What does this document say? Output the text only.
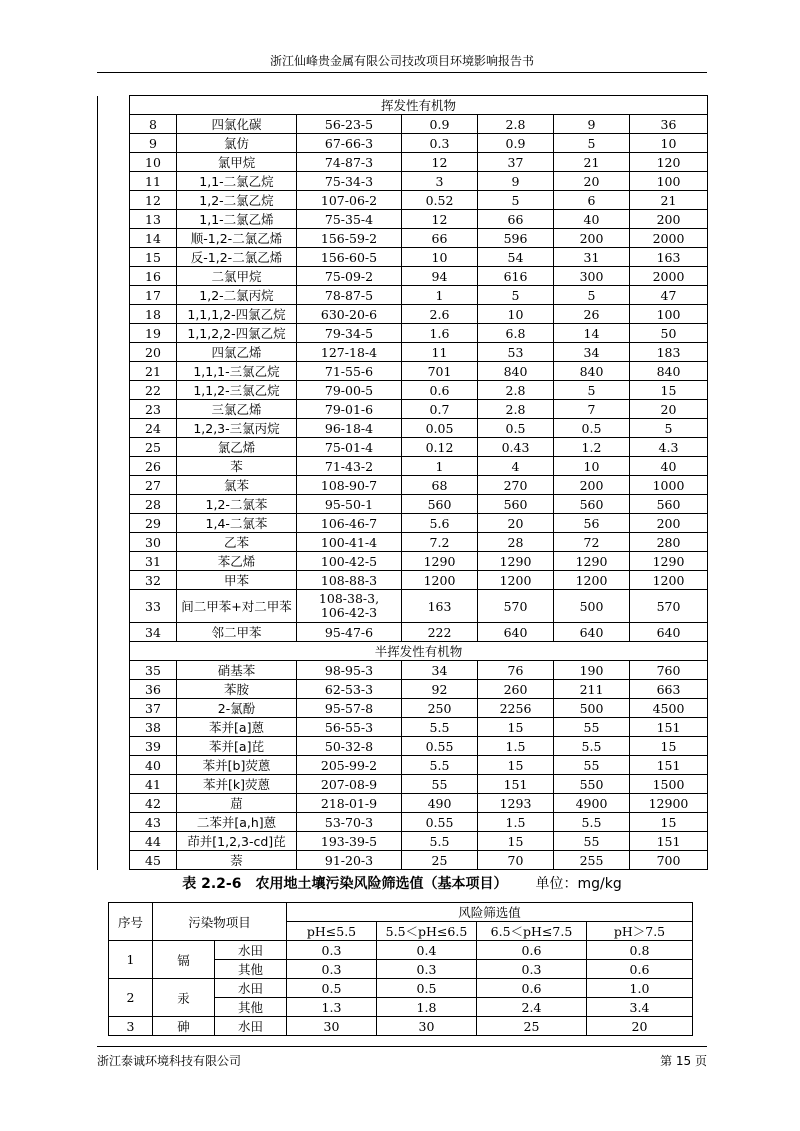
浙江仙峰贵金属有限公司技改项目环境影响报告书
	挥发性有机物						
	8	四氯化碳	56-23-5	0.9	2.8	9	36
	9	氯仿	67-66-3	0.3	0.9	5	10
	10	氯甲烷	74-87-3	12	37	21	120
	11	1,1-二氯乙烷	75-34-3	3	9	20	100
	12	1,2-二氯乙烷	107-06-2	0.52	5	6	21
	13	1,1-二氯乙烯	75-35-4	12	66	40	200
	14	顺-1,2-二氯乙烯	156-59-2	66	596	200	2000
	15	反-1,2-二氯乙烯	156-60-5	10	54	31	163
	16	二氯甲烷	75-09-2	94	616	300	2000
	17	1,2-二氯丙烷	78-87-5	1	5	5	47
	18	1,1,1,2-四氯乙烷	630-20-6	2.6	10	26	100
	19	1,1,2,2-四氯乙烷	79-34-5	1.6	6.8	14	50
	20	四氯乙烯	127-18-4	11	53	34	183
	21	1,1,1-三氯乙烷	71-55-6	701	840	840	840
	22	1,1,2-三氯乙烷	79-00-5	0.6	2.8	5	15
	23	三氯乙烯	79-01-6	0.7	2.8	7	20
	24	1,2,3-三氯丙烷	96-18-4	0.05	0.5	0.5	5
	25	氯乙烯	75-01-4	0.12	0.43	1.2	4.3
	26	苯	71-43-2	1	4	10	40
	27	氯苯	108-90-7	68	270	200	1000
	28	1,2-二氯苯	95-50-1	560	560	560	560
	29	1,4-二氯苯	106-46-7	5.6	20	56	200
	30	乙苯	100-41-4	7.2	28	72	280
	31	苯乙烯	100-42-5	1290	1290	1290	1290
	32	甲苯	108-88-3	1200	1200	1200	1200
	33	间二甲苯+对二甲苯	108-38-3,
106-42-3	163	570	500	570
	34	邻二甲苯	95-47-6	222	640	640	640
	半挥发性有机物						
	35	硝基苯	98-95-3	34	76	190	760
	36	苯胺	62-53-3	92	260	211	663
	37	2-氯酚	95-57-8	250	2256	500	4500
	38	苯并[a]蒽	56-55-3	5.5	15	55	151
	39	苯并[a]芘	50-32-8	0.55	1.5	5.5	15
	40	苯并[b]荧蒽	205-99-2	5.5	15	55	151
	41	苯并[k]荧蒽	207-08-9	55	151	550	1500
	42	䓛	218-01-9	490	1293	4900	12900
	43	二苯并[a,h]蒽	53-70-3	0.55	1.5	5.5	15
	44	茚并[1,2,3-cd]芘	193-39-5	5.5	15	55	151
	45	萘	91-20-3	25	70	255	700
表 2.2-6　农用地土壤污染风险筛选值（基本项目） 单位：mg/kg
序号	污染物项目		风险筛选值			
			pH≤5.5	5.5＜pH≤6.5	6.5＜pH≤7.5	pH＞7.5
1	镉	水田	0.3	0.4	0.6	0.8
		其他	0.3	0.3	0.3	0.6
2	汞	水田	0.5	0.5	0.6	1.0
		其他	1.3	1.8	2.4	3.4
3	砷	水田	30	30	25	20
浙江泰诚环境科技有限公司	第 15 页
